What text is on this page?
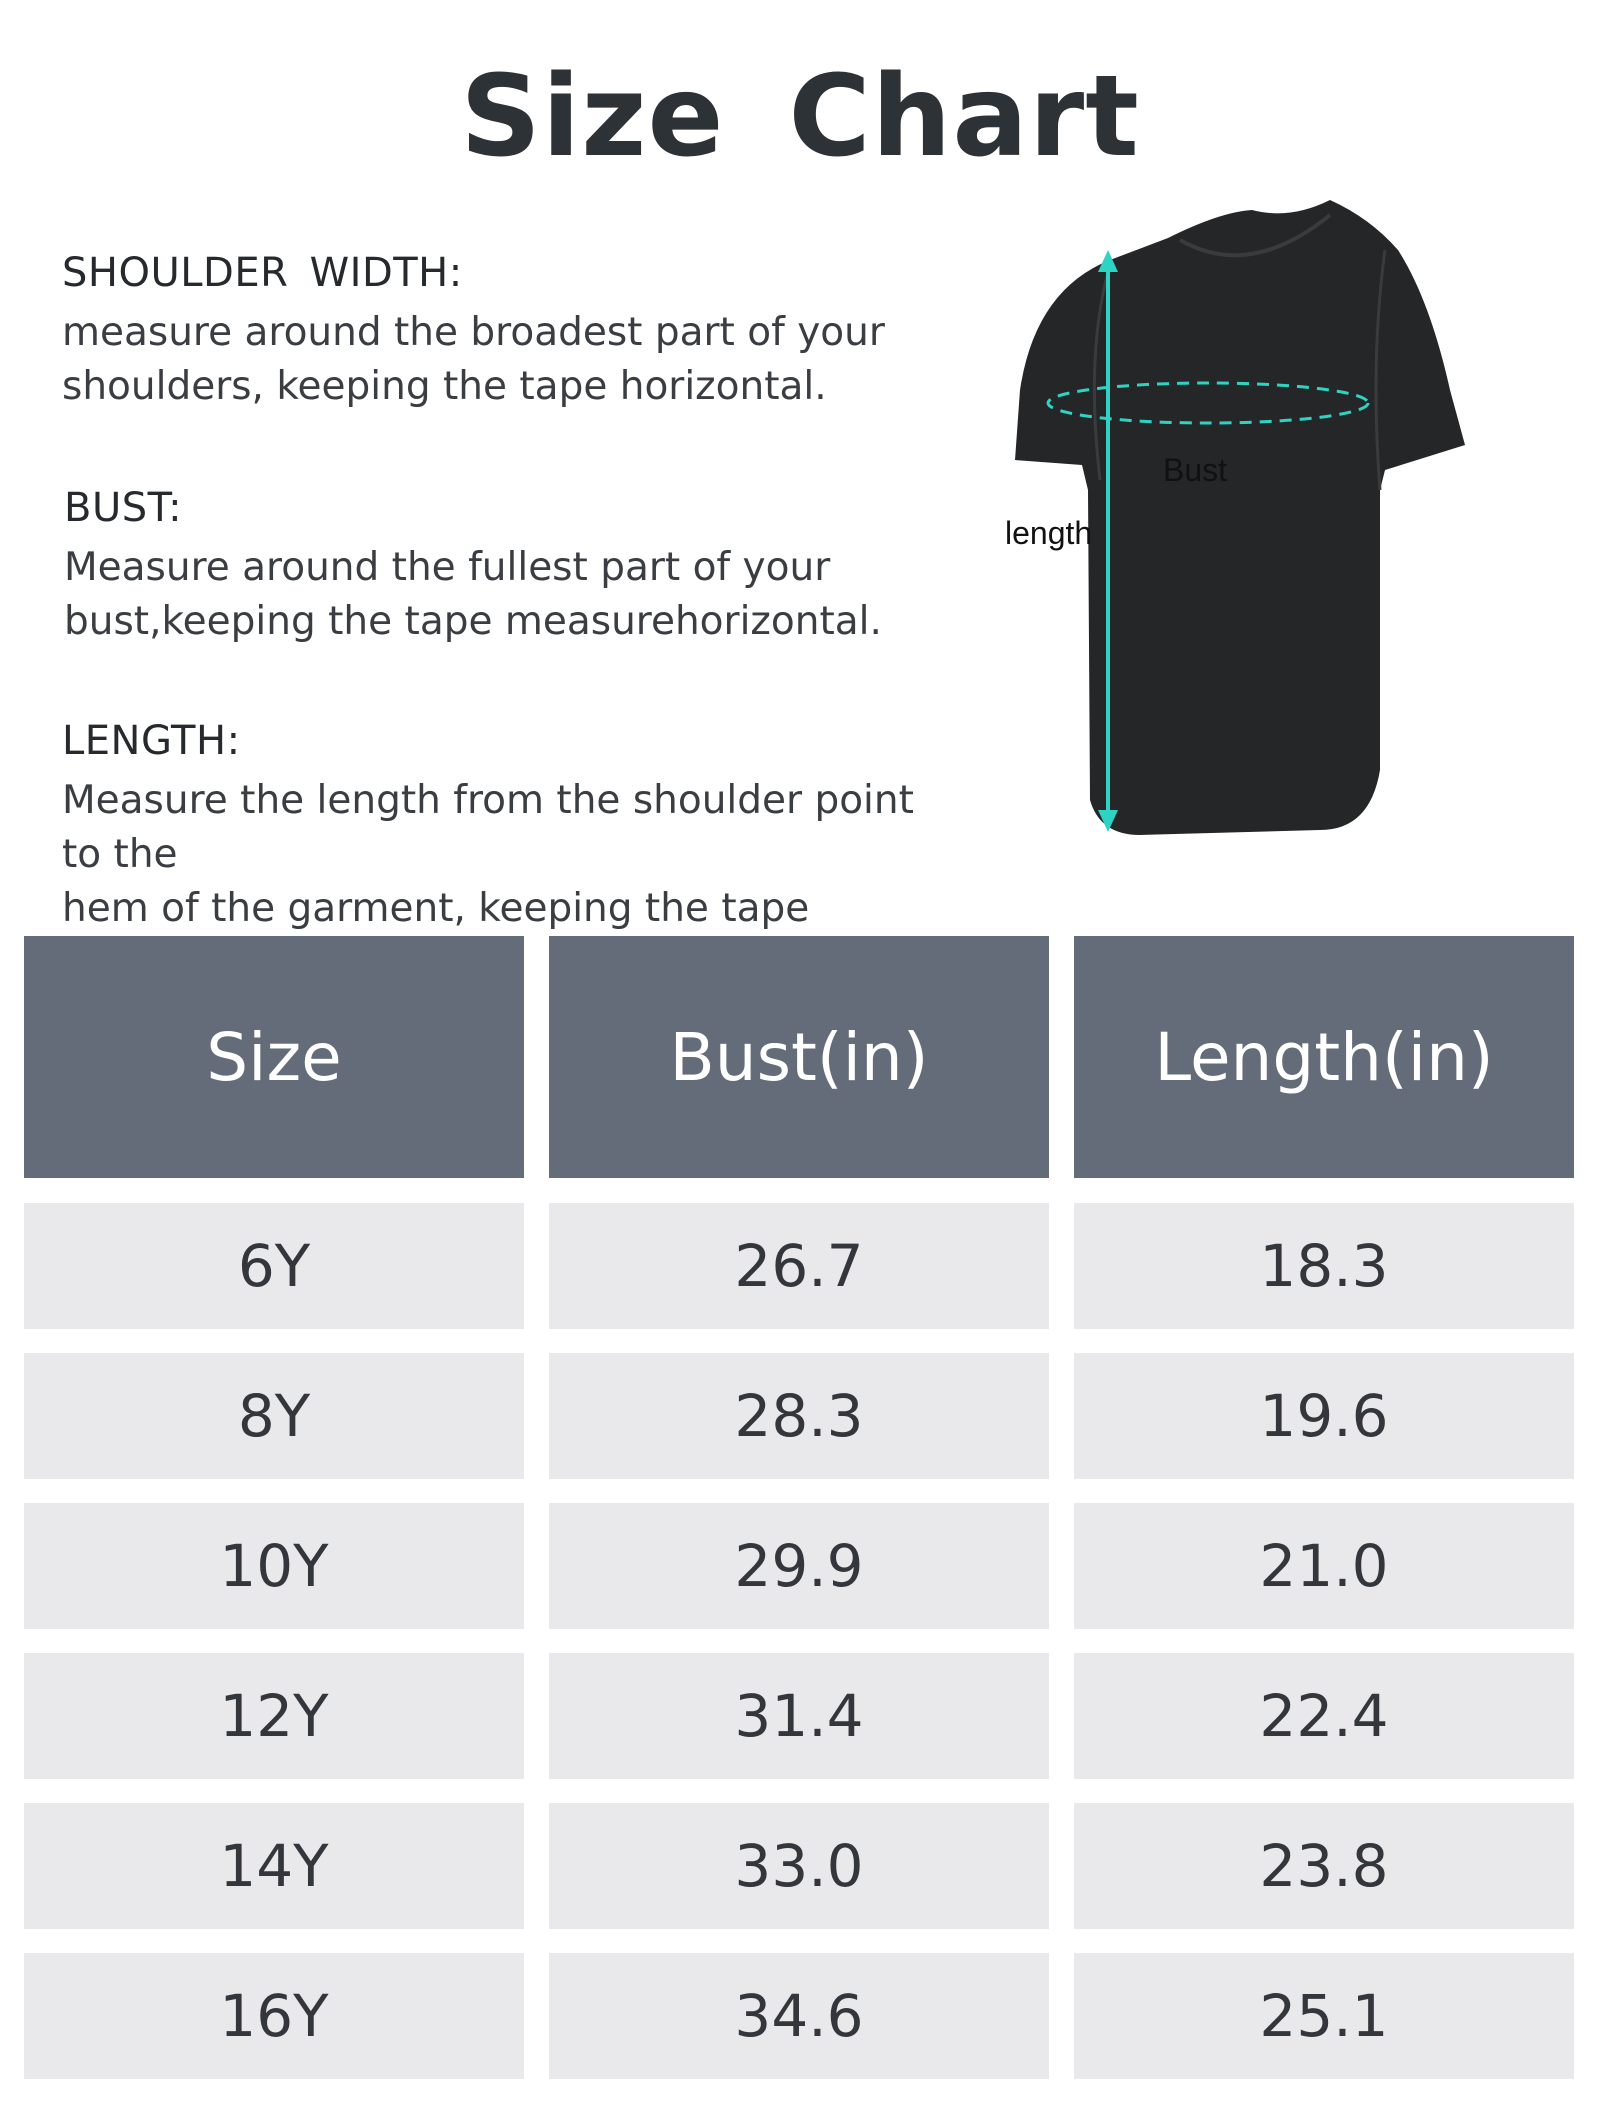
Size Chart
SHOULDER WIDTH:
measure around the broadest part of your
shoulders, keeping the tape horizontal.
BUST:
Measure around the fullest part of your
bust,keeping the tape measurehorizontal.
LENGTH:
Measure the length from the shoulder point to the
hem of the garment, keeping the tape
length
Bust
Size	Bust(in)	Length(in)
6Y	26.7	18.3
8Y	28.3	19.6
10Y	29.9	21.0
12Y	31.4	22.4
14Y	33.0	23.8
16Y	34.6	25.1
